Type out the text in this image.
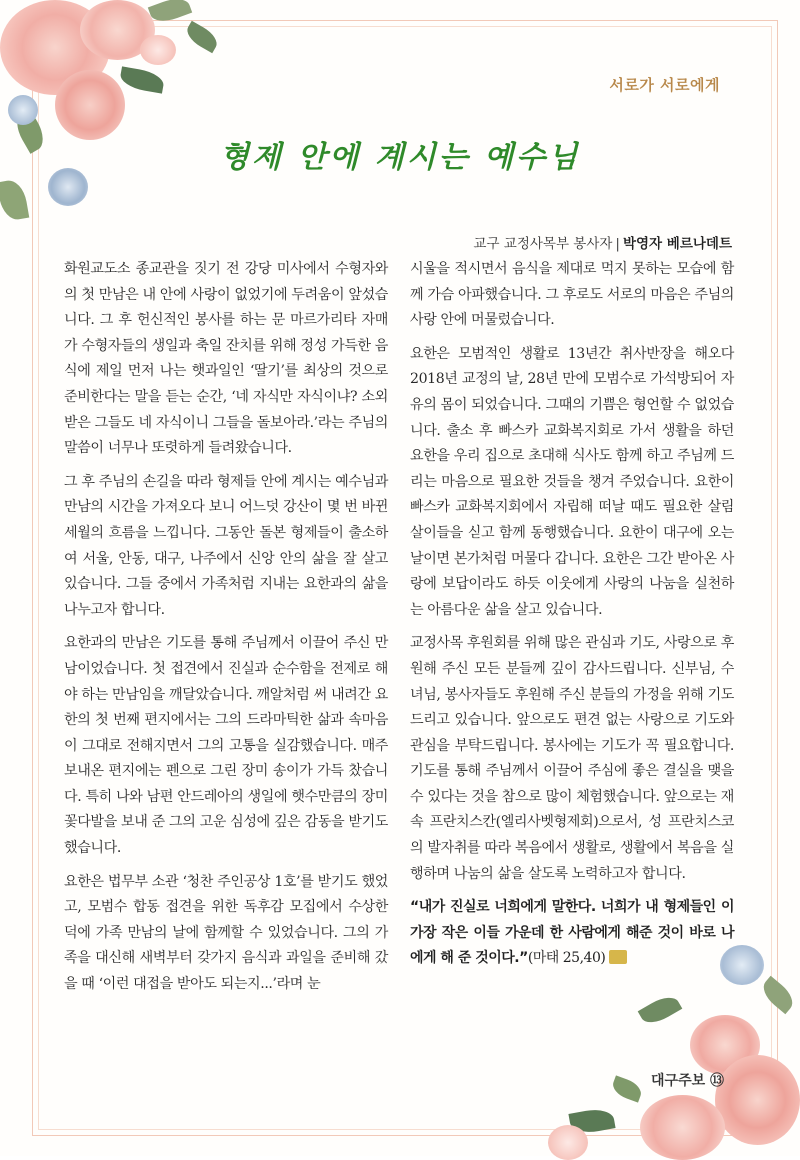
서로가 서로에게
형제 안에 계시는 예수님
교구 교정사목부 봉사자 | 박영자 베르나데트

화원교도소 종교관을 짓기 전 강당 미사에서 수형자와의 첫 만남은 내 안에 사랑이 없었기에 두려움이 앞섰습니다. 그 후 헌신적인 봉사를 하는 문 마르가리타 자매가 수형자들의 생일과 축일 잔치를 위해 정성 가득한 음식에 제일 먼저 나는 햇과일인 ‘딸기’를 최상의 것으로 준비한다는 말을 듣는 순간, ‘네 자식만 자식이냐? 소외받은 그들도 네 자식이니 그들을 돌보아라.’라는 주님의 말씀이 너무나 또렷하게 들려왔습니다.

그 후 주님의 손길을 따라 형제들 안에 계시는 예수님과 만남의 시간을 가져오다 보니 어느덧 강산이 몇 번 바뀐 세월의 흐름을 느낍니다. 그동안 돌본 형제들이 출소하여 서울, 안동, 대구, 나주에서 신앙 안의 삶을 잘 살고 있습니다. 그들 중에서 가족처럼 지내는 요한과의 삶을 나누고자 합니다.

요한과의 만남은 기도를 통해 주님께서 이끌어 주신 만남이었습니다. 첫 접견에서 진실과 순수함을 전제로 해야 하는 만남임을 깨달았습니다. 깨알처럼 써 내려간 요한의 첫 번째 편지에서는 그의 드라마틱한 삶과 속마음이 그대로 전해지면서 그의 고통을 실감했습니다. 매주 보내온 편지에는 펜으로 그린 장미 송이가 가득 찼습니다. 특히 나와 남편 안드레아의 생일에 햇수만큼의 장미 꽃다발을 보내 준 그의 고운 심성에 깊은 감동을 받기도 했습니다.

요한은 법무부 소관 ‘청찬 주인공상 1호’를 받기도 했었고, 모범수 합동 접견을 위한 독후감 모집에서 수상한 덕에 가족 만남의 날에 함께할 수 있었습니다. 그의 가족을 대신해 새벽부터 갖가지 음식과 과일을 준비해 갔을 때 ‘이런 대접을 받아도 되는지...’라며 눈

시울을 적시면서 음식을 제대로 먹지 못하는 모습에 함께 가슴 아파했습니다. 그 후로도 서로의 마음은 주님의 사랑 안에 머물렀습니다.

요한은 모범적인 생활로 13년간 취사반장을 해오다 2018년 교정의 날, 28년 만에 모범수로 가석방되어 자유의 몸이 되었습니다. 그때의 기쁨은 형언할 수 없었습니다. 출소 후 빠스카 교화복지회로 가서 생활을 하던 요한을 우리 집으로 초대해 식사도 함께 하고 주님께 드리는 마음으로 필요한 것들을 챙겨 주었습니다. 요한이 빠스카 교화복지회에서 자립해 떠날 때도 필요한 살림살이들을 싣고 함께 동행했습니다. 요한이 대구에 오는 날이면 본가처럼 머물다 갑니다. 요한은 그간 받아온 사랑에 보답이라도 하듯 이웃에게 사랑의 나눔을 실천하는 아름다운 삶을 살고 있습니다.

교정사목 후원회를 위해 많은 관심과 기도, 사랑으로 후원해 주신 모든 분들께 깊이 감사드립니다. 신부님, 수녀님, 봉사자들도 후원해 주신 분들의 가정을 위해 기도드리고 있습니다. 앞으로도 편견 없는 사랑으로 기도와 관심을 부탁드립니다. 봉사에는 기도가 꼭 필요합니다. 기도를 통해 주님께서 이끌어 주심에 좋은 결실을 맺을 수 있다는 것을 참으로 많이 체험했습니다. 앞으로는 재속 프란치스칸(엘리사벳형제회)으로서, 성 프란치스코의 발자취를 따라 복음에서 생활로, 생활에서 복음을 실행하며 나눔의 삶을 살도록 노력하고자 합니다.

“내가 진실로 너희에게 말한다. 너희가 내 형제들인 이 가장 작은 이들 가운데 한 사람에게 해준 것이 바로 나에게 해 준 것이다.”(마태 25,40)

대구주보 ⑬
